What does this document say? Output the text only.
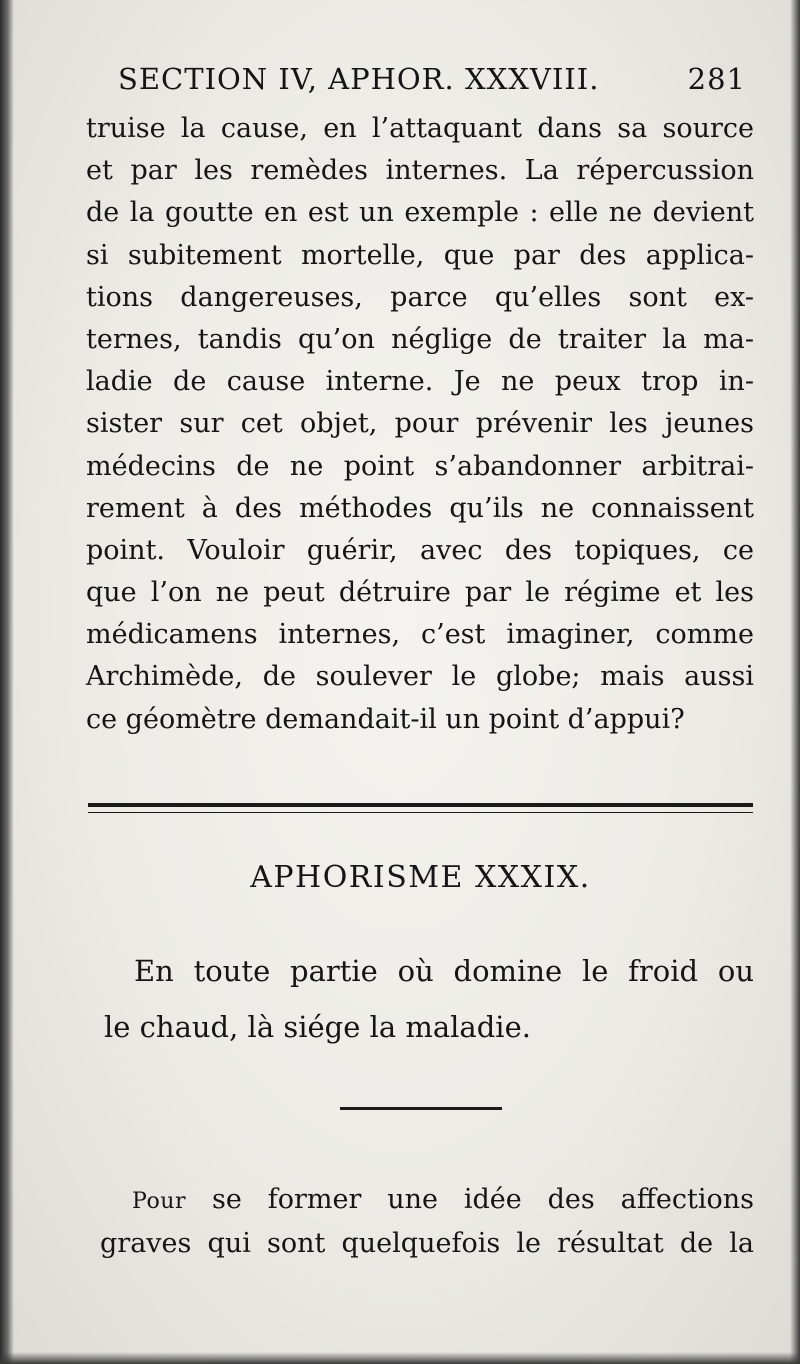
SECTION IV, APHOR. XXXVIII.	281
truise la cause, en l’attaquant dans sa source
et par les remèdes internes. La répercussion
de la goutte en est un exemple : elle ne devient
si subitement mortelle, que par des applica-
tions dangereuses, parce qu’elles sont ex-
ternes, tandis qu’on néglige de traiter la ma-
ladie de cause interne. Je ne peux trop in-
sister sur cet objet, pour prévenir les jeunes
médecins de ne point s’abandonner arbitrai-
rement à des méthodes qu’ils ne connaissent
point. Vouloir guérir, avec des topiques, ce
que l’on ne peut détruire par le régime et les
médicamens internes, c’est imaginer, comme
Archimède, de soulever le globe; mais aussi
ce géomètre demandait-il un point d’appui?
APHORISME XXXIX.
En toute partie où domine le froid ou
le chaud, là siége la maladie.
Pour se former une idée des affections
graves qui sont quelquefois le résultat de la
